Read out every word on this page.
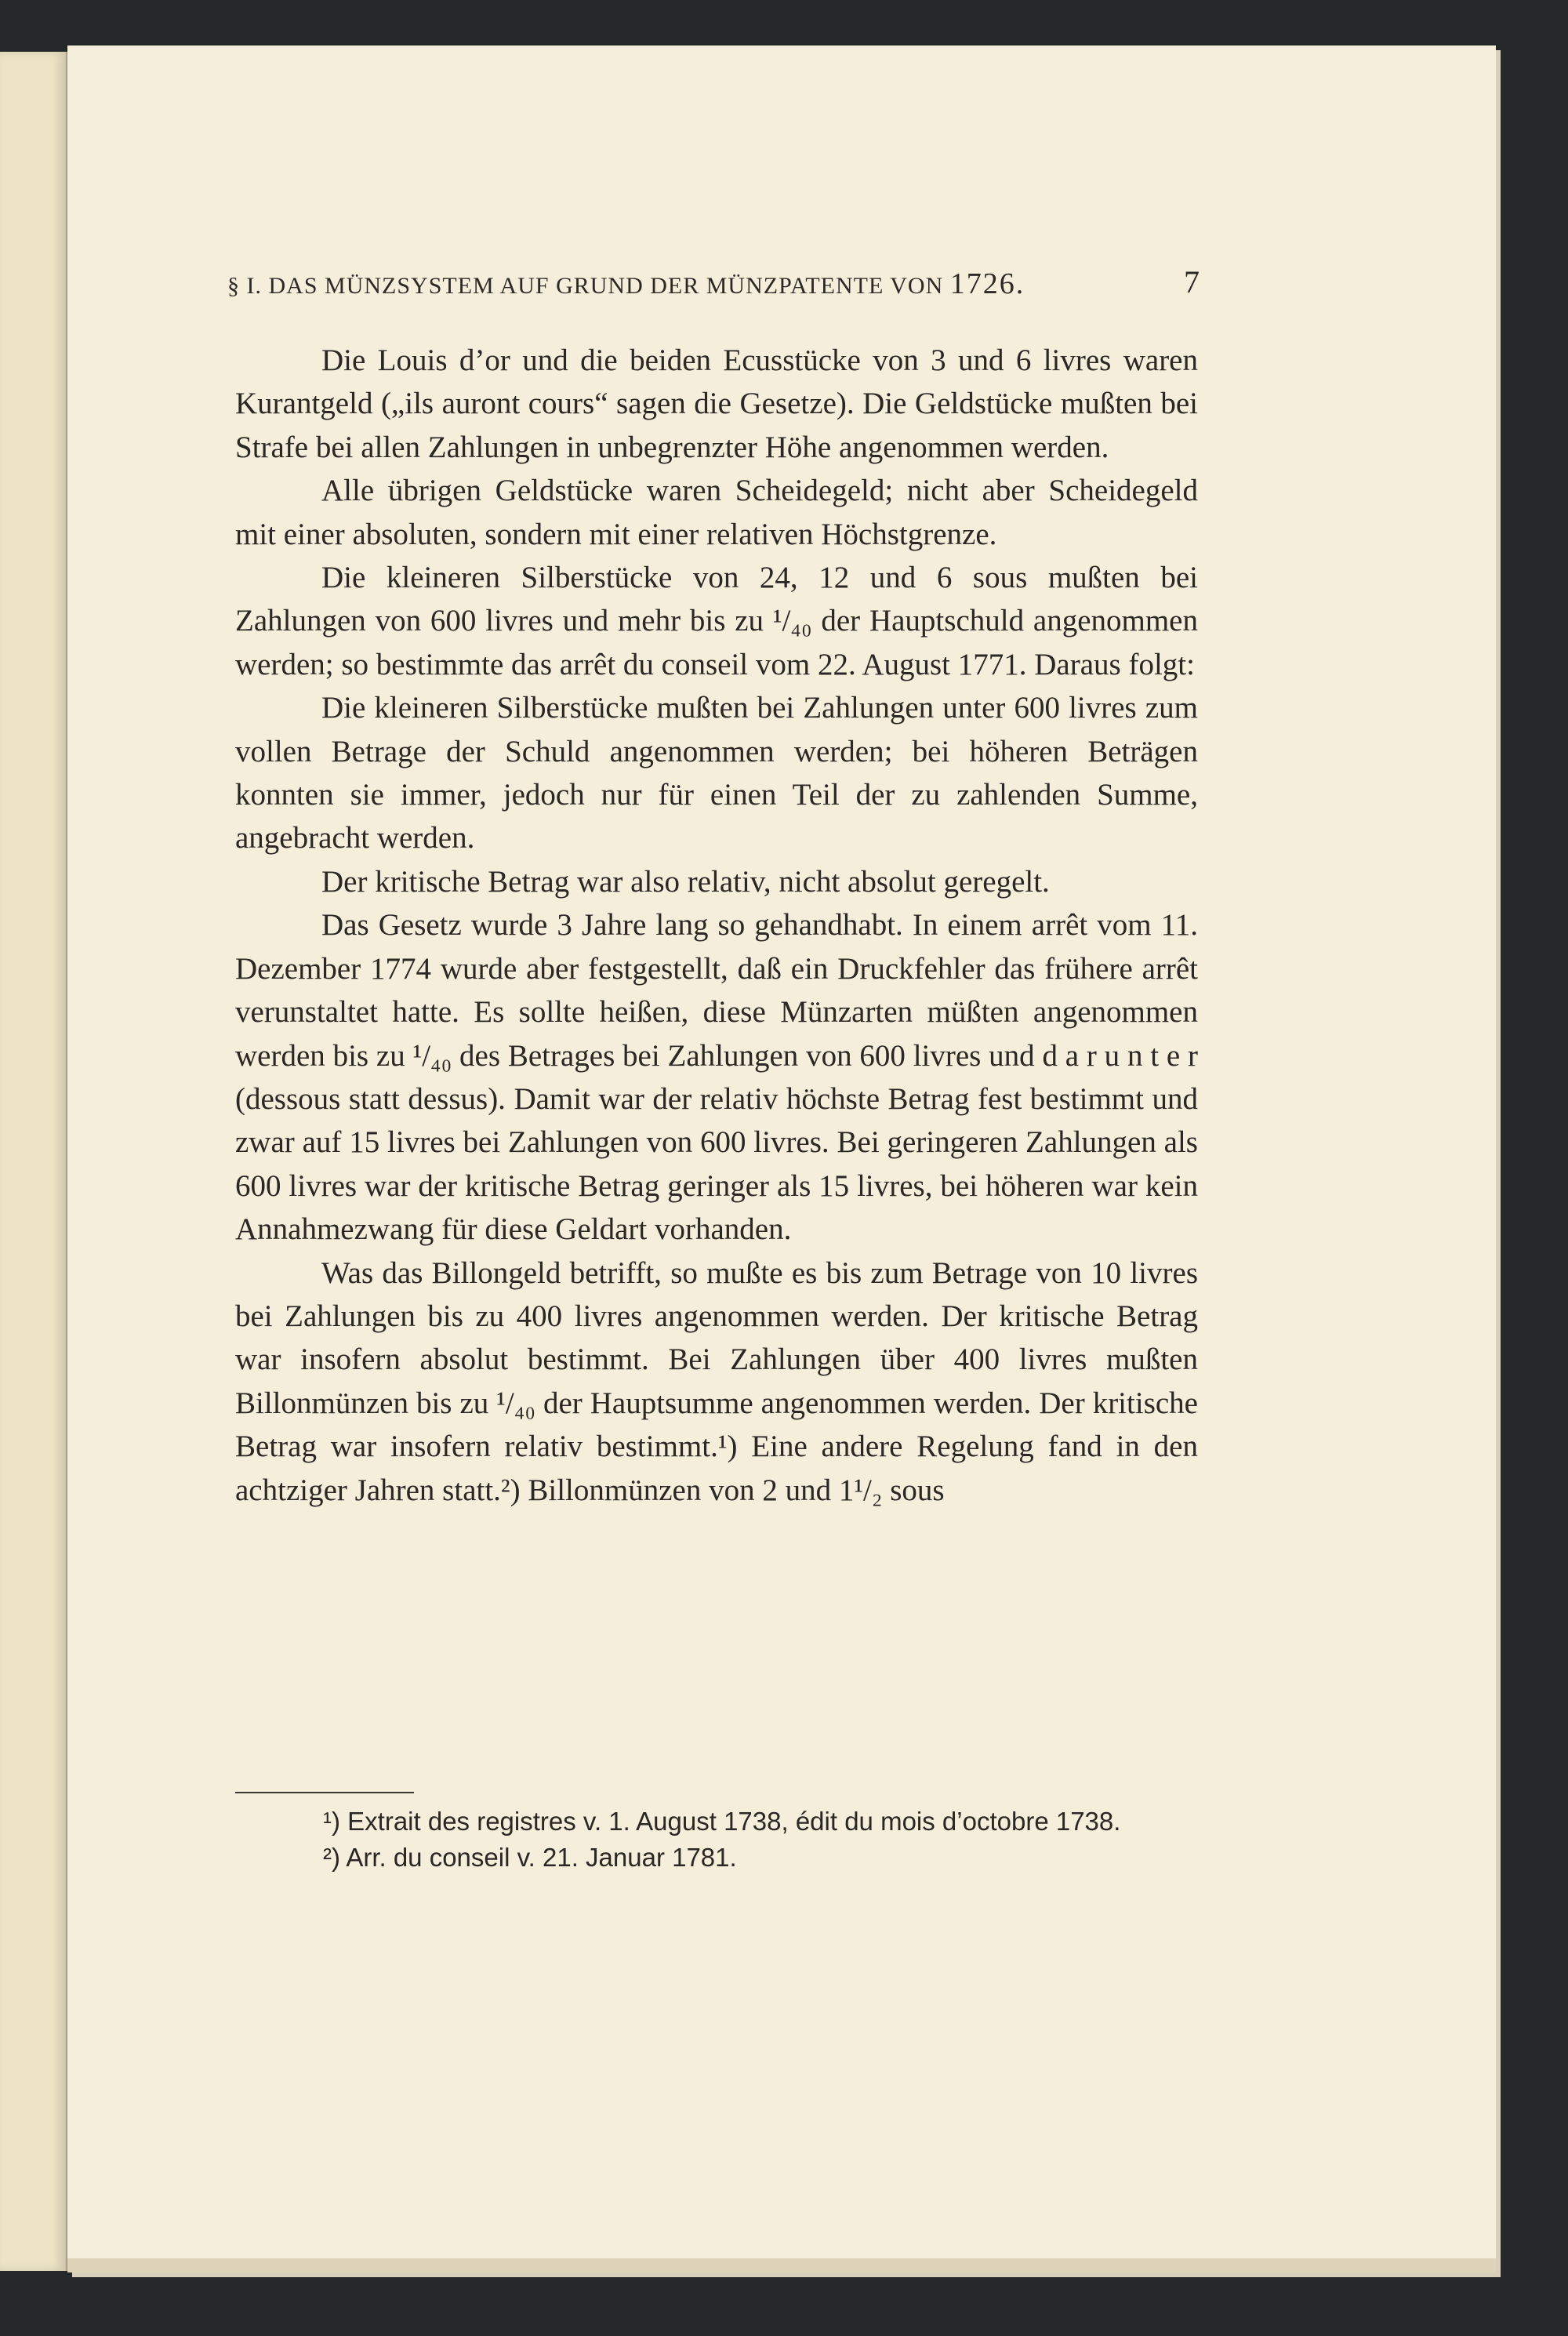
§ I. DAS MÜNZSYSTEM AUF GRUND DER MÜNZPATENTE VON 1726.	7

Die Louis d’or und die beiden Ecusstücke von 3 und 6 livres waren Kurantgeld („ils auront cours“ sagen die Gesetze). Die Geldstücke mußten bei Strafe bei allen Zahlungen in unbegrenzter Höhe angenommen werden.

Alle übrigen Geldstücke waren Scheidegeld; nicht aber Scheidegeld mit einer absoluten, sondern mit einer relativen Höchstgrenze.

Die kleineren Silberstücke von 24, 12 und 6 sous mußten bei Zahlungen von 600 livres und mehr bis zu ¹/₄₀ der Hauptschuld angenommen werden; so bestimmte das arrêt du conseil vom 22. August 1771. Daraus folgt:

Die kleineren Silberstücke mußten bei Zahlungen unter 600 livres zum vollen Betrage der Schuld angenommen werden; bei höheren Beträgen konnten sie immer, jedoch nur für einen Teil der zu zahlenden Summe, angebracht werden.

Der kritische Betrag war also relativ, nicht absolut geregelt.

Das Gesetz wurde 3 Jahre lang so gehandhabt. In einem arrêt vom 11. Dezember 1774 wurde aber festgestellt, daß ein Druckfehler das frühere arrêt verunstaltet hatte. Es sollte heißen, diese Münzarten müßten angenommen werden bis zu ¹/₄₀ des Betrages bei Zahlungen von 600 livres und d a r u n t e r (dessous statt dessus). Damit war der relativ höchste Betrag fest bestimmt und zwar auf 15 livres bei Zahlungen von 600 livres. Bei geringeren Zahlungen als 600 livres war der kritische Betrag geringer als 15 livres, bei höheren war kein Annahmezwang für diese Geldart vorhanden.

Was das Billongeld betrifft, so mußte es bis zum Betrage von 10 livres bei Zahlungen bis zu 400 livres angenommen werden. Der kritische Betrag war insofern absolut bestimmt. Bei Zahlungen über 400 livres mußten Billonmünzen bis zu ¹/₄₀ der Hauptsumme angenommen werden. Der kritische Betrag war insofern relativ bestimmt.¹) Eine andere Regelung fand in den achtziger Jahren statt.²) Billonmünzen von 2 und 1¹/₂ sous

¹) Extrait des registres v. 1. August 1738, édit du mois d’octobre 1738.
²) Arr. du conseil v. 21. Januar 1781.
